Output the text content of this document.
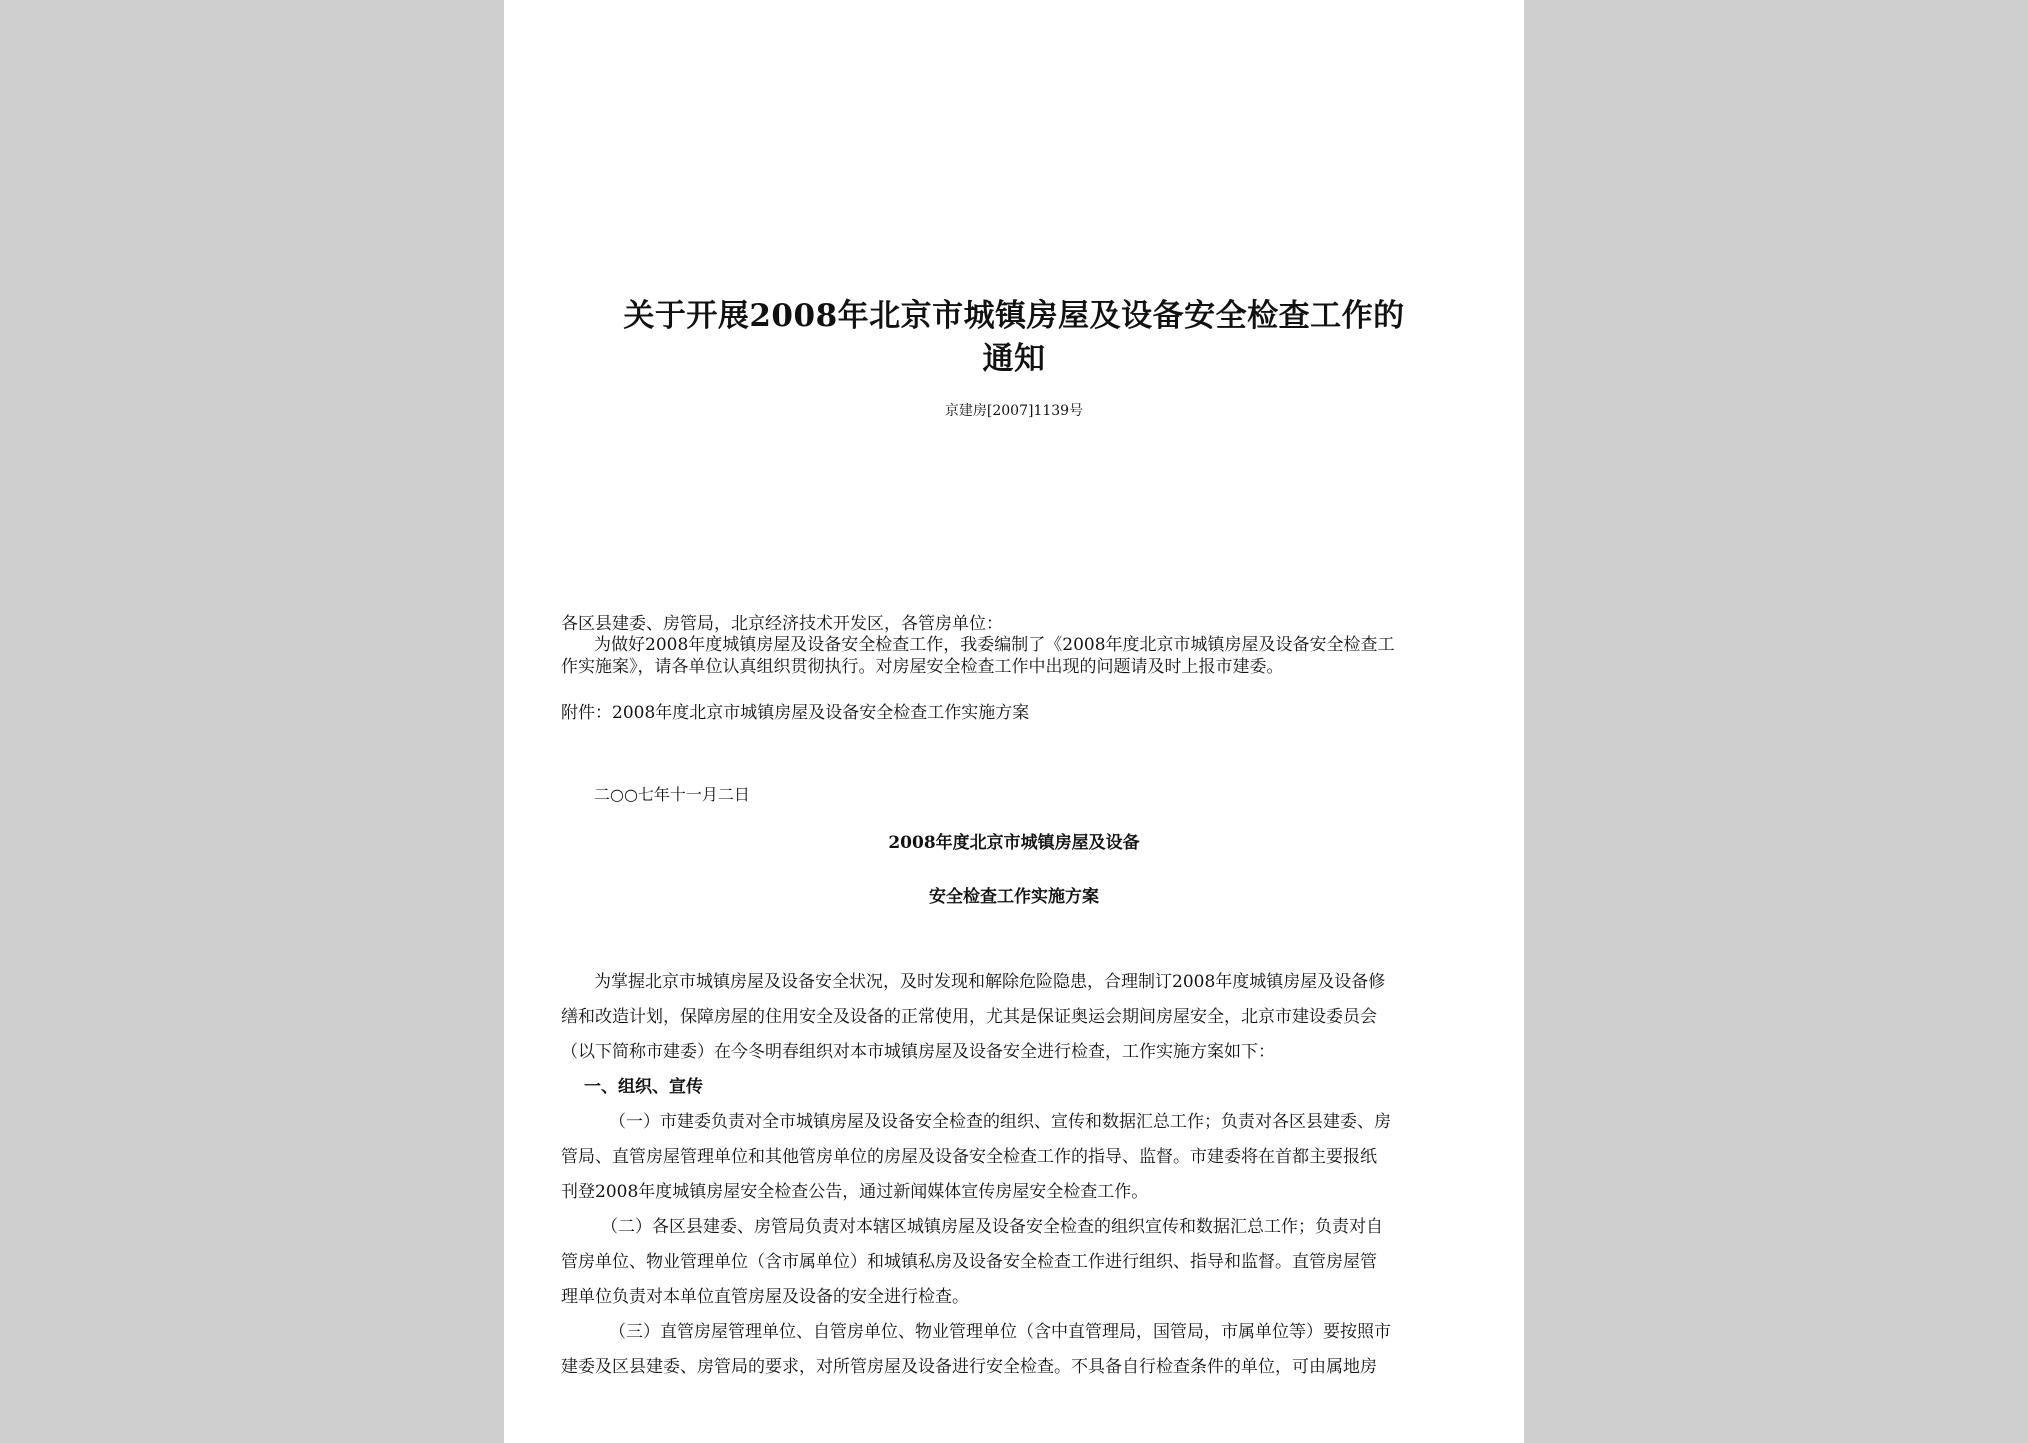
关于开展2008年北京市城镇房屋及设备安全检查工作的
通知
京建房[2007]1139号
各区县建委、房管局，北京经济技术开发区，各管房单位：
为做好2008年度城镇房屋及设备安全检查工作，我委编制了《2008年度北京市城镇房屋及设备安全检查工
作实施案》，请各单位认真组织贯彻执行。对房屋安全检查工作中出现的问题请及时上报市建委。
附件：2008年度北京市城镇房屋及设备安全检查工作实施方案
二○○七年十一月二日
2008年度北京市城镇房屋及设备
安全检查工作实施方案
为掌握北京市城镇房屋及设备安全状况，及时发现和解除危险隐患，合理制订2008年度城镇房屋及设备修
缮和改造计划，保障房屋的住用安全及设备的正常使用，尤其是保证奥运会期间房屋安全，北京市建设委员会
（以下简称市建委）在今冬明春组织对本市城镇房屋及设备安全进行检查，工作实施方案如下：
一、组织、宣传
（一）市建委负责对全市城镇房屋及设备安全检查的组织、宣传和数据汇总工作；负责对各区县建委、房
管局、直管房屋管理单位和其他管房单位的房屋及设备安全检查工作的指导、监督。市建委将在首都主要报纸
刊登2008年度城镇房屋安全检查公告，通过新闻媒体宣传房屋安全检查工作。
（二）各区县建委、房管局负责对本辖区城镇房屋及设备安全检查的组织宣传和数据汇总工作；负责对自
管房单位、物业管理单位（含市属单位）和城镇私房及设备安全检查工作进行组织、指导和监督。直管房屋管
理单位负责对本单位直管房屋及设备的安全进行检查。
（三）直管房屋管理单位、自管房单位、物业管理单位（含中直管理局，国管局，市属单位等）要按照市
建委及区县建委、房管局的要求，对所管房屋及设备进行安全检查。不具备自行检查条件的单位，可由属地房
